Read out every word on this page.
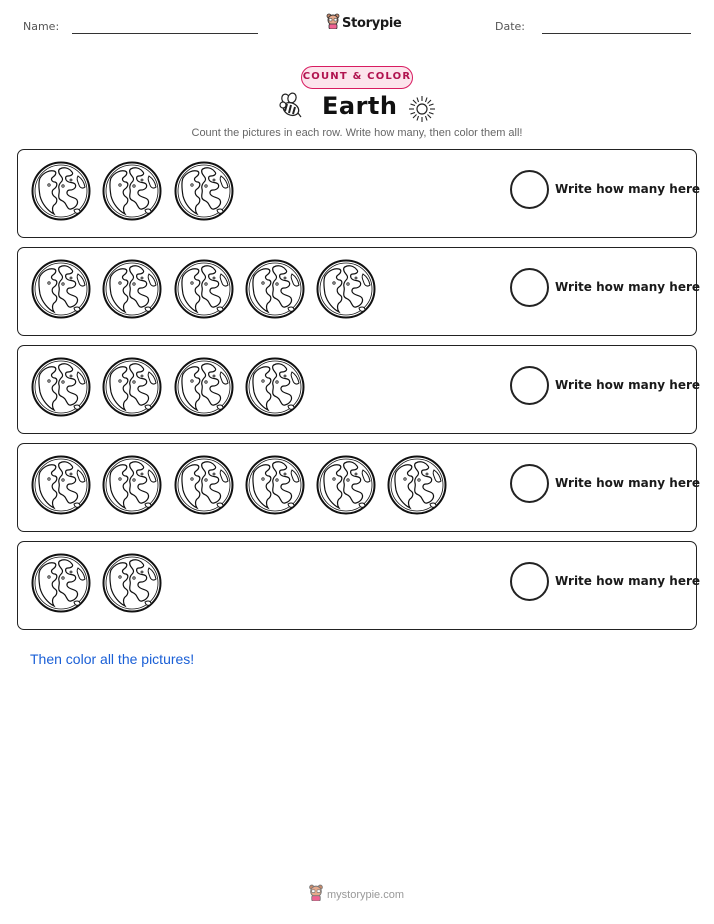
Name:	Storypie	Date:
COUNT & COLOR
Earth
Count the pictures in each row. Write how many, then color them all!
Write how many here
Write how many here
Write how many here
Write how many here
Write how many here
Then color all the pictures!
mystorypie.com
